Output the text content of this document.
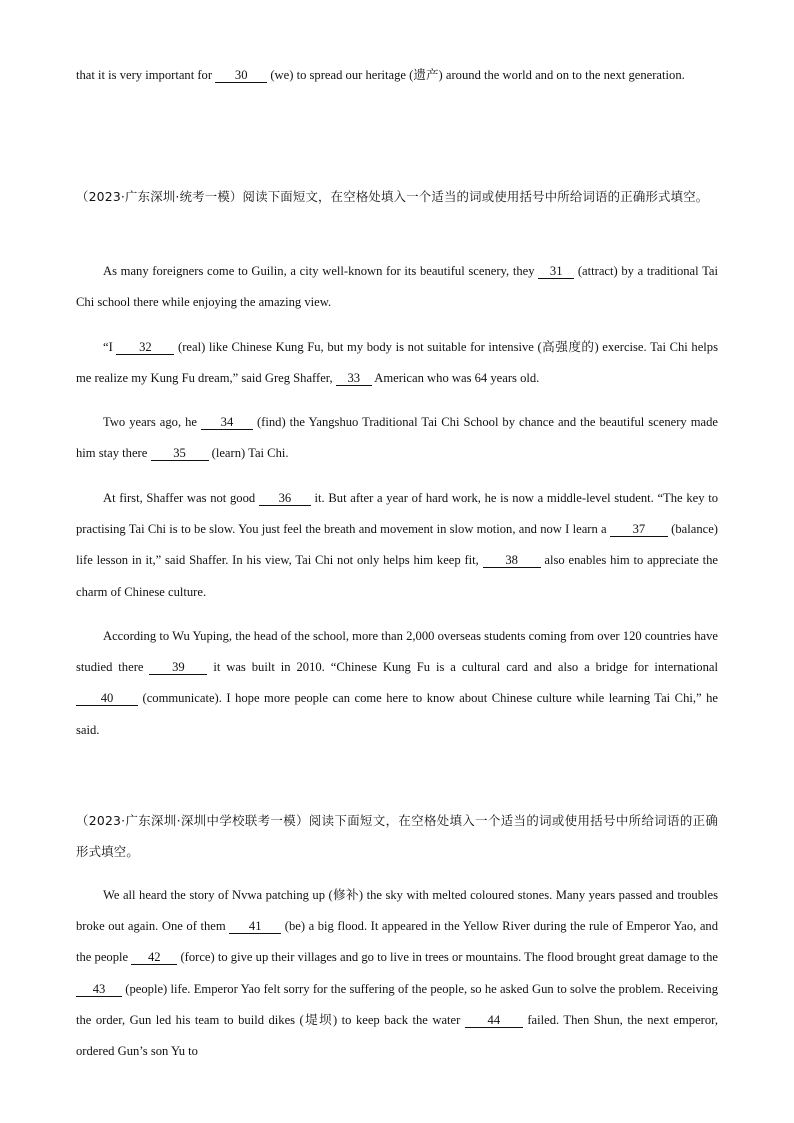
that it is very important for 30 (we) to spread our heritage (遗产) around the world and on to the next generation.

（2023·广东深圳·统考一模）阅读下面短文，在空格处填入一个适当的词或使用括号中所给词语的正确形式填空。

As many foreigners come to Guilin, a city well-known for its beautiful scenery, they 31 (attract) by a traditional Tai Chi school there while enjoying the amazing view.

“I 32 (real) like Chinese Kung Fu, but my body is not suitable for intensive (高强度的) exercise. Tai Chi helps me realize my Kung Fu dream,” said Greg Shaffer, 33 American who was 64 years old.

Two years ago, he 34 (find) the Yangshuo Traditional Tai Chi School by chance and the beautiful scenery made him stay there 35 (learn) Tai Chi.

At first, Shaffer was not good 36 it. But after a year of hard work, he is now a middle-level student. “The key to practising Tai Chi is to be slow. You just feel the breath and movement in slow motion, and now I learn a 37 (balance) life lesson in it,” said Shaffer. In his view, Tai Chi not only helps him keep fit, 38 also enables him to appreciate the charm of Chinese culture.

According to Wu Yuping, the head of the school, more than 2,000 overseas students coming from over 120 countries have studied there 39 it was built in 2010. “Chinese Kung Fu is a cultural card and also a bridge for international 40 (communicate). I hope more people can come here to know about Chinese culture while learning Tai Chi,” he said.

（2023·广东深圳·深圳中学校联考一模）阅读下面短文，在空格处填入一个适当的词或使用括号中所给词语的正确形式填空。

We all heard the story of Nvwa patching up (修补) the sky with melted coloured stones. Many years passed and troubles broke out again. One of them 41 (be) a big flood. It appeared in the Yellow River during the rule of Emperor Yao, and the people 42 (force) to give up their villages and go to live in trees or mountains. The flood brought great damage to the 43 (people) life. Emperor Yao felt sorry for the suffering of the people, so he asked Gun to solve the problem. Receiving the order, Gun led his team to build dikes (堤坝) to keep back the water 44 failed. Then Shun, the next emperor, ordered Gun’s son Yu to
